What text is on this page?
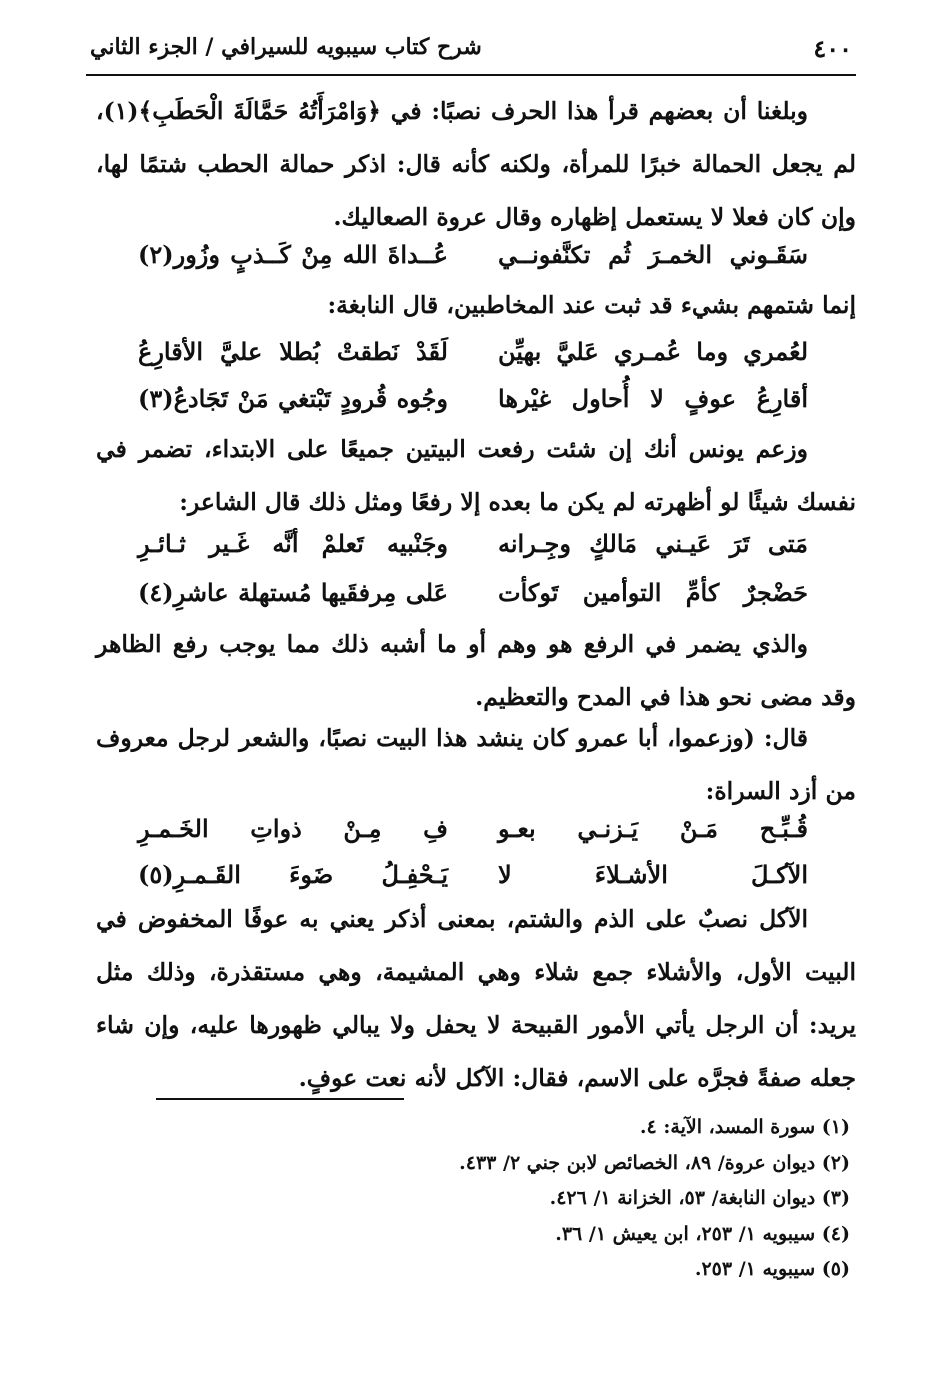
٤٠٠
شرح كتاب سيبويه للسيرافي / الجزء الثاني

وبلغنا أن بعضهم قرأ هذا الحرف نصبًا: في ﴿وَامْرَأَتُهُ حَمَّالَةَ الْحَطَبِ﴾(١)، لم يجعل الحمالة خبرًا للمرأة، ولكنه كأنه قال: اذكر حمالة الحطب شتمًا لها، وإن كان فعلا لا يستعمل إظهاره وقال عروة الصعاليك.

سَقَـوني الخمـرَ ثُم تكنَّفونــي
عُــداةَ الله مِنْ كَــذبٍ وزُور(٢)

إنما شتمهم بشيء قد ثبت عند المخاطبين، قال النابغة:

لعُمري وما عُمـري عَليَّ بهيِّن
لَقَدْ نَطقتْ بُطلا عليَّ الأقارِعُ
أقارِعُ عوفٍ لا أُحاول غيْرها
وجُوه قُرودٍ تَبْتغي مَنْ تَجَادعُ(٣)

وزعم يونس أنك إن شئت رفعت البيتين جميعًا على الابتداء، تضمر في نفسك شيئًا لو أظهرته لم يكن ما بعده إلا رفعًا ومثل ذلك قال الشاعر:

مَتى تَرَ عَيـني مَالكٍ وجِـرانه
وجَنْبيه تَعلمْ أنَّه غَـير ثـائـرِ
حَضْجرٌ كأمِّ التوأمين تَوكأت
عَلى مِرفقَيها مُستهلة عاشرِ(٤)

والذي يضمر في الرفع هو وهم أو ما أشبه ذلك مما يوجب رفع الظاهر وقد مضى نحو هذا في المدح والتعظيم.

قال: (وزعموا، أبا عمرو كان ينشد هذا البيت نصبًا، والشعر لرجل معروف من أزد السراة:

قُـبِّـح مَـنْ يَـزنـي بعـو
فِ مِـنْ ذواتِ الخَـمـرِ
الآكـلَ الأشـلاءَ لا
يَـحْفِـلُ ضَوءَ القَـمـرِ(٥)

الآكل نصبٌ على الذم والشتم، بمعنى أذكر يعني به عوفًا المخفوض في البيت الأول، والأشلاء جمع شلاء وهي المشيمة، وهي مستقذرة، وذلك مثل يريد: أن الرجل يأتي الأمور القبيحة لا يحفل ولا يبالي ظهورها عليه، وإن شاء جعله صفةً فجرَّه على الاسم، فقال: الآكل لأنه نعت عوفٍ.

(١) سورة المسد، الآية: ٤.
(٢) ديوان عروة/ ٨٩، الخصائص لابن جني ٢/ ٤٣٣.
(٣) ديوان النابغة/ ٥٣، الخزانة ١/ ٤٢٦.
(٤) سيبويه ١/ ٢٥٣، ابن يعيش ١/ ٣٦.
(٥) سيبويه ١/ ٢٥٣.
